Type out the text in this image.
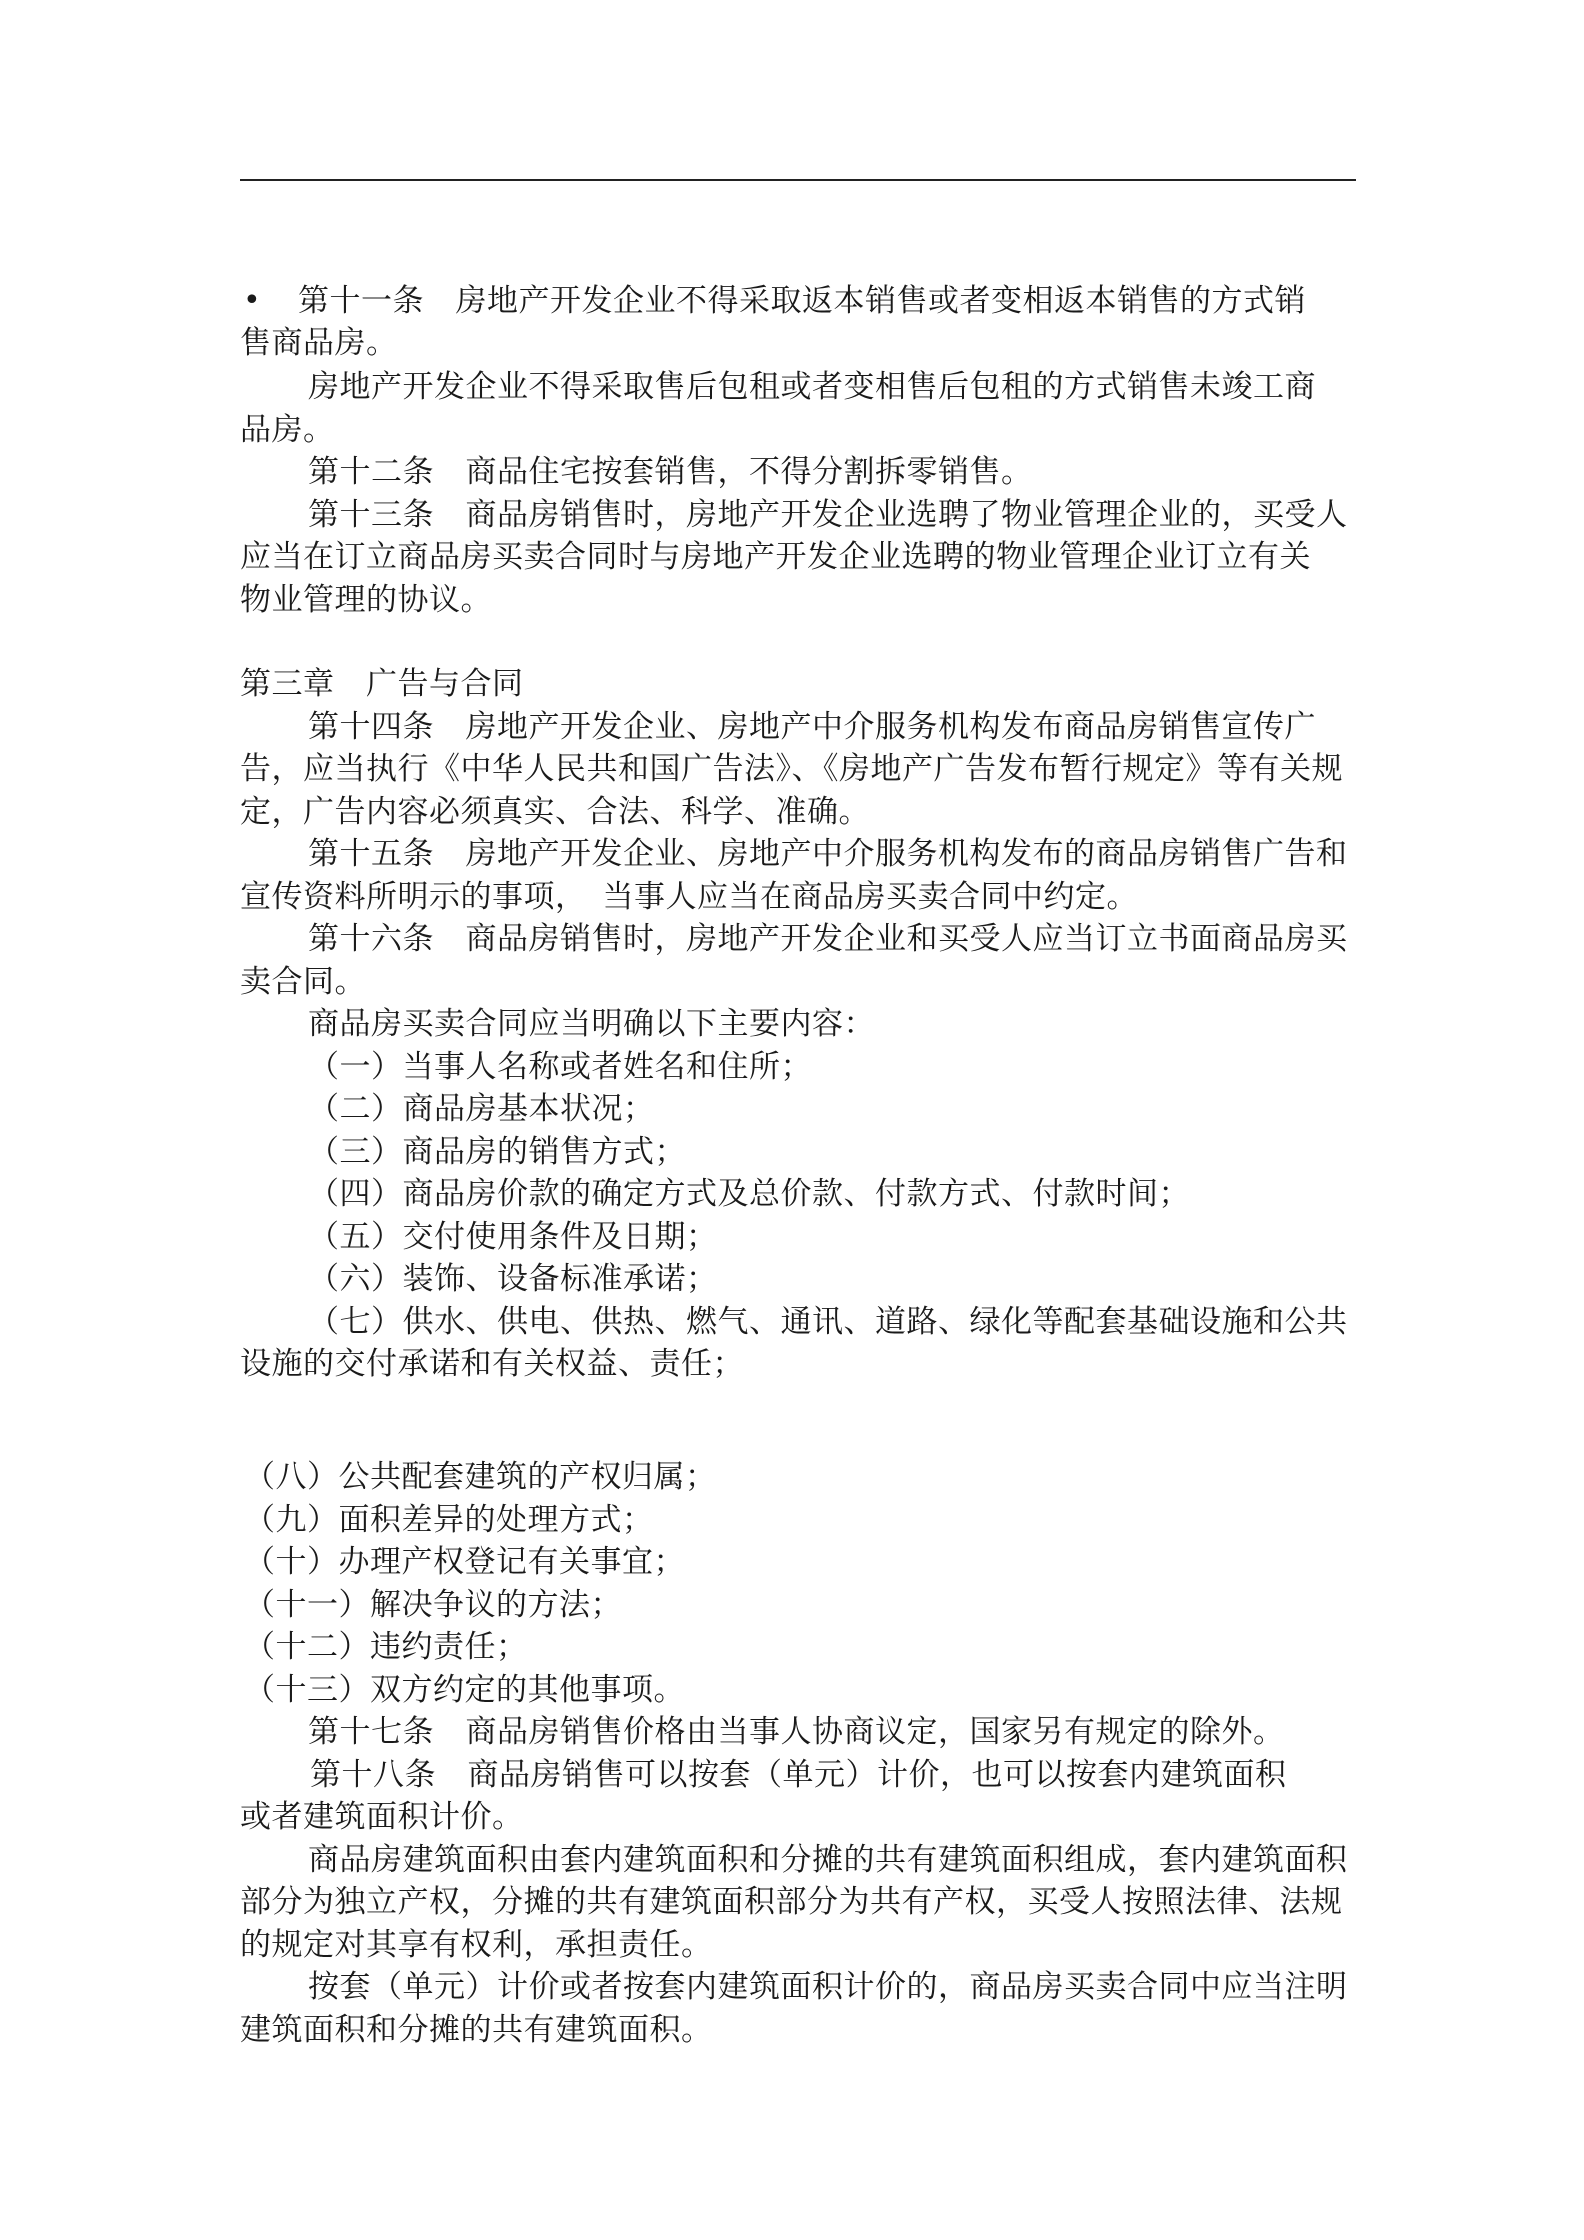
• 第十一条　房地产开发企业不得采取返本销售或者变相返本销售的方式销
售商品房。
房地产开发企业不得采取售后包租或者变相售后包租的方式销售未竣工商
品房。
第十二条　商品住宅按套销售，不得分割拆零销售。
第十三条　商品房销售时，房地产开发企业选聘了物业管理企业的，买受人
应当在订立商品房买卖合同时与房地产开发企业选聘的物业管理企业订立有关
物业管理的协议。
第三章　广告与合同
第十四条　房地产开发企业、房地产中介服务机构发布商品房销售宣传广
告，应当执行《中华人民共和国广告法》、《房地产广告发布暂行规定》等有关规
定，广告内容必须真实、合法、科学、准确。
第十五条　房地产开发企业、房地产中介服务机构发布的商品房销售广告和
宣传资料所明示的事项，　当事人应当在商品房买卖合同中约定。
第十六条　商品房销售时，房地产开发企业和买受人应当订立书面商品房买
卖合同。
商品房买卖合同应当明确以下主要内容：
（一）当事人名称或者姓名和住所；
（二）商品房基本状况；
（三）商品房的销售方式；
（四）商品房价款的确定方式及总价款、付款方式、付款时间；
（五）交付使用条件及日期；
（六）装饰、设备标准承诺；
（七）供水、供电、供热、燃气、通讯、道路、绿化等配套基础设施和公共
设施的交付承诺和有关权益、责任；
（八）公共配套建筑的产权归属；
（九）面积差异的处理方式；
（十）办理产权登记有关事宜；
（十一）解决争议的方法；
（十二）违约责任；
（十三）双方约定的其他事项。
第十七条　商品房销售价格由当事人协商议定，国家另有规定的除外。
第十八条　商品房销售可以按套（单元）计价，也可以按套内建筑面积
或者建筑面积计价。
商品房建筑面积由套内建筑面积和分摊的共有建筑面积组成，套内建筑面积
部分为独立产权，分摊的共有建筑面积部分为共有产权，买受人按照法律、法规
的规定对其享有权利，承担责任。
按套（单元）计价或者按套内建筑面积计价的，商品房买卖合同中应当注明
建筑面积和分摊的共有建筑面积。
